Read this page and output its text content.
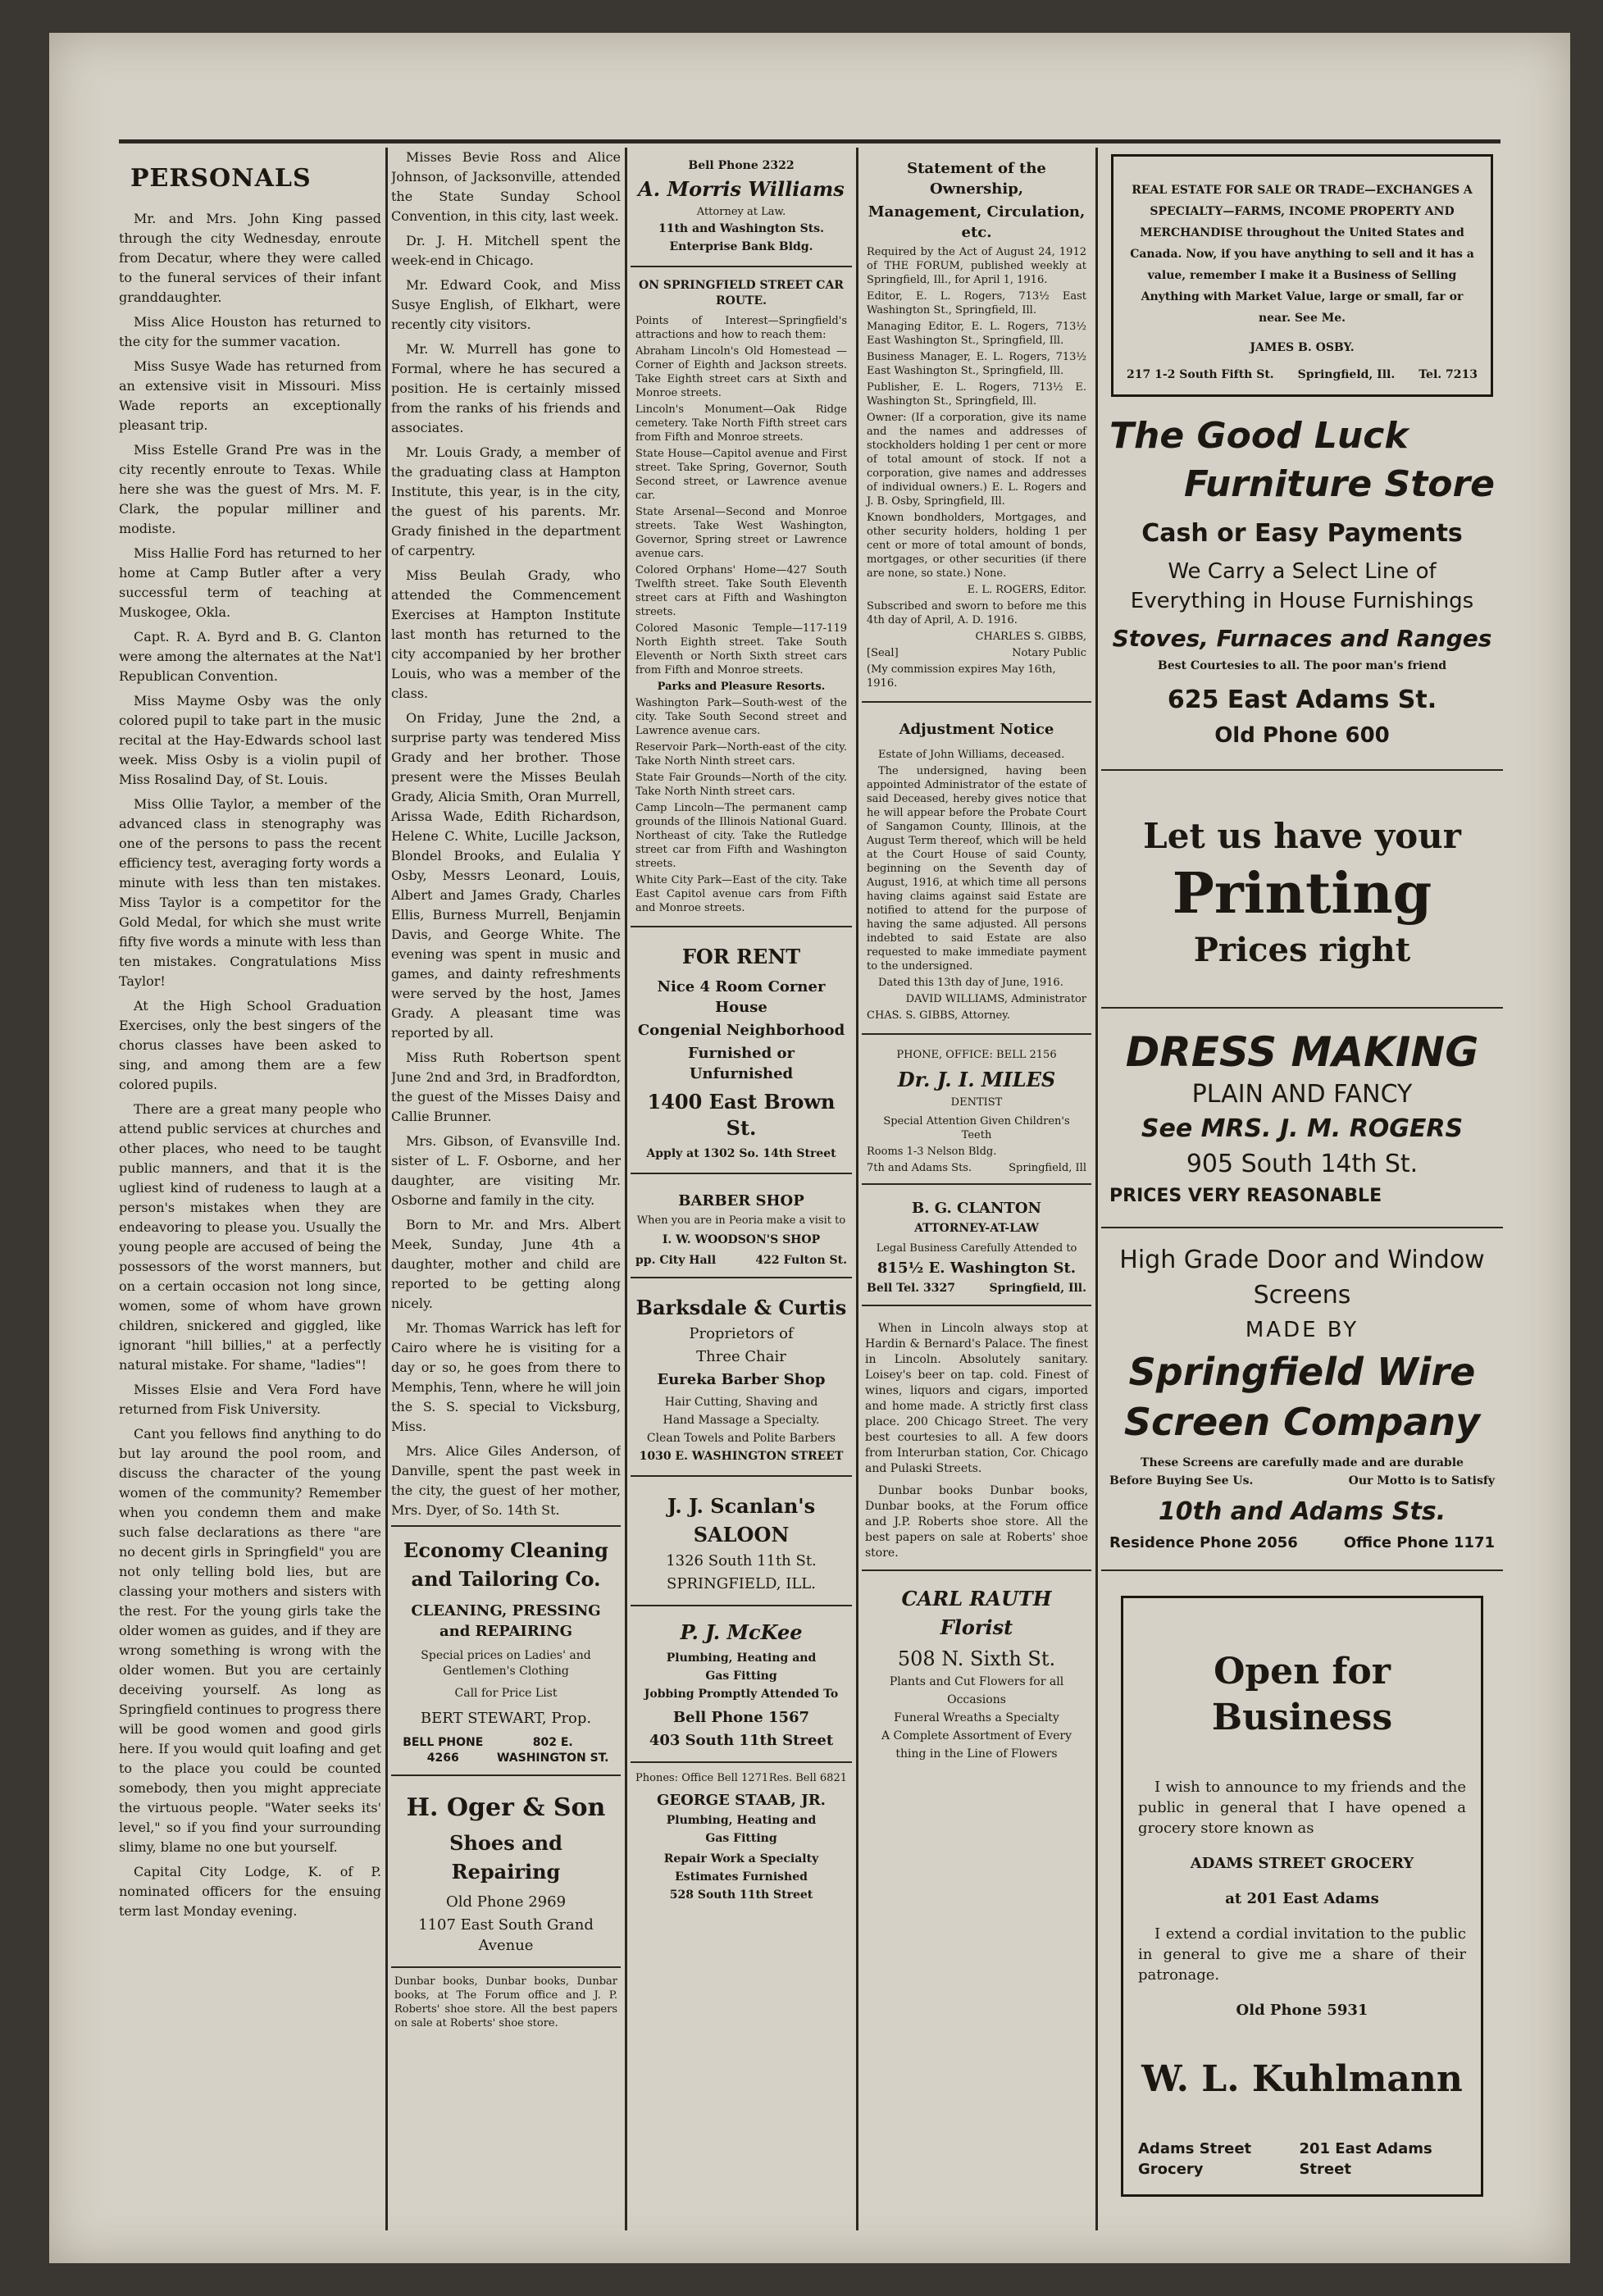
PERSONALS

Mr. and Mrs. John King passed through the city Wednesday, enroute from Decatur, where they were called to the funeral services of their infant granddaughter.

Miss Alice Houston has returned to the city for the summer vacation.

Miss Susye Wade has returned from an extensive visit in Missouri. Miss Wade reports an exceptionally pleasant trip.

Miss Estelle Grand Pre was in the city recently enroute to Texas. While here she was the guest of Mrs. M. F. Clark, the popular milliner and modiste.

Miss Hallie Ford has returned to her home at Camp Butler after a very successful term of teaching at Muskogee, Okla.

Capt. R. A. Byrd and B. G. Clanton were among the alternates at the Nat'l Republican Convention.

Miss Mayme Osby was the only colored pupil to take part in the music recital at the Hay-Edwards school last week. Miss Osby is a violin pupil of Miss Rosalind Day, of St. Louis.

Miss Ollie Taylor, a member of the advanced class in stenography was one of the persons to pass the recent efficiency test, averaging forty words a minute with less than ten mistakes. Miss Taylor is a competitor for the Gold Medal, for which she must write fifty five words a minute with less than ten mistakes. Congratulations Miss Taylor!

At the High School Graduation Exercises, only the best singers of the chorus classes have been asked to sing, and among them are a few colored pupils.

There are a great many people who attend public services at churches and other places, who need to be taught public manners, and that it is the ugliest kind of rudeness to laugh at a person's mistakes when they are endeavoring to please you. Usually the young people are accused of being the possessors of the worst manners, but on a certain occasion not long since, women, some of whom have grown children, snickered and giggled, like ignorant "hill billies," at a perfectly natural mistake. For shame, "ladies"!

Misses Elsie and Vera Ford have returned from Fisk University.

Cant you fellows find anything to do but lay around the pool room, and discuss the character of the young women of the community? Remember when you condemn them and make such false declarations as there "are no decent girls in Springfield" you are not only telling bold lies, but are classing your mothers and sisters with the rest. For the young girls take the older women as guides, and if they are wrong something is wrong with the older women. But you are certainly deceiving yourself. As long as Springfield continues to progress there will be good women and good girls here. If you would quit loafing and get to the place you could be counted somebody, then you might appreciate the virtuous people. "Water seeks its' level," so if you find your surrounding slimy, blame no one but yourself.

Capital City Lodge, K. of P. nominated officers for the ensuing term last Monday evening.

Misses Bevie Ross and Alice Johnson, of Jacksonville, attended the State Sunday School Convention, in this city, last week.

Dr. J. H. Mitchell spent the week-end in Chicago.

Mr. Edward Cook, and Miss Susye English, of Elkhart, were recently city visitors.

Mr. W. Murrell has gone to Formal, where he has secured a position. He is certainly missed from the ranks of his friends and associates.

Mr. Louis Grady, a member of the graduating class at Hampton Institute, this year, is in the city, the guest of his parents. Mr. Grady finished in the department of carpentry.

Miss Beulah Grady, who attended the Commencement Exercises at Hampton Institute last month has returned to the city accompanied by her brother Louis, who was a member of the class.

On Friday, June the 2nd, a surprise party was tendered Miss Grady and her brother. Those present were the Misses Beulah Grady, Alicia Smith, Oran Murrell, Arissa Wade, Edith Richardson, Helene C. White, Lucille Jackson, Blondel Brooks, and Eulalia Y Osby, Messrs Leonard, Louis, Albert and James Grady, Charles Ellis, Burness Murrell, Benjamin Davis, and George White. The evening was spent in music and games, and dainty refreshments were served by the host, James Grady. A pleasant time was reported by all.

Miss Ruth Robertson spent June 2nd and 3rd, in Bradfordton, the guest of the Misses Daisy and Callie Brunner.

Mrs. Gibson, of Evansville Ind. sister of L. F. Osborne, and her daughter, are visiting Mr. Osborne and family in the city.

Born to Mr. and Mrs. Albert Meek, Sunday, June 4th a daughter, mother and child are reported to be getting along nicely.

Mr. Thomas Warrick has left for Cairo where he is visiting for a day or so, he goes from there to Memphis, Tenn, where he will join the S. S. special to Vicksburg, Miss.

Mrs. Alice Giles Anderson, of Danville, spent the past week in the city, the guest of her mother, Mrs. Dyer, of So. 14th St.

Economy Cleaning

and Tailoring Co.

CLEANING, PRESSING and REPAIRING

Special prices on Ladies' and Gentlemen's Clothing

Call for Price List

BERT STEWART, Prop.

BELL PHONE 4266
802 E. WASHINGTON ST.

H. Oger & Son

Shoes and

Repairing

Old Phone 2969

1107 East South Grand Avenue

Dunbar books, Dunbar books, Dunbar books, at The Forum office and J. P. Roberts' shoe store. All the best papers on sale at Roberts' shoe store.

Bell Phone 2322

A. Morris Williams

Attorney at Law.

11th and Washington Sts.

Enterprise Bank Bldg.

ON SPRINGFIELD STREET CAR ROUTE.

Points of Interest—Springfield's attractions and how to reach them:

Abraham Lincoln's Old Homestead —Corner of Eighth and Jackson streets. Take Eighth street cars at Sixth and Monroe streets.

Lincoln's Monument—Oak Ridge cemetery. Take North Fifth street cars from Fifth and Monroe streets.

State House—Capitol avenue and First street. Take Spring, Governor, South Second street, or Lawrence avenue car.

State Arsenal—Second and Monroe streets. Take West Washington, Governor, Spring street or Lawrence avenue cars.

Colored Orphans' Home—427 South Twelfth street. Take South Eleventh street cars at Fifth and Washington streets.

Colored Masonic Temple—117-119 North Eighth street. Take South Eleventh or North Sixth street cars from Fifth and Monroe streets.

Parks and Pleasure Resorts.

Washington Park—South-west of the city. Take South Second street and Lawrence avenue cars.

Reservoir Park—North-east of the city. Take North Ninth street cars.

State Fair Grounds—North of the city. Take North Ninth street cars.

Camp Lincoln—The permanent camp grounds of the Illinois National Guard. Northeast of city. Take the Rutledge street car from Fifth and Washington streets.

White City Park—East of the city. Take East Capitol avenue cars from Fifth and Monroe streets.

FOR RENT

Nice 4 Room Corner House

Congenial Neighborhood

Furnished or Unfurnished

1400 East Brown St.

Apply at 1302 So. 14th Street

BARBER SHOP

When you are in Peoria make a visit to

I. W. WOODSON'S SHOP

pp. City Hall	422 Fulton St.

Barksdale & Curtis

Proprietors of

Three Chair

Eureka Barber Shop

Hair Cutting, Shaving and

Hand Massage a Specialty.

Clean Towels and Polite Barbers

1030 E. WASHINGTON STREET

J. J. Scanlan's

SALOON

1326 South 11th St.

SPRINGFIELD, ILL.

P. J. McKee

Plumbing, Heating and

Gas Fitting

Jobbing Promptly Attended To

Bell Phone 1567

403 South 11th Street

Phones: Office Bell 1271 Res. Bell 6821

GEORGE STAAB, JR.

Plumbing, Heating and

Gas Fitting

Repair Work a Specialty

Estimates Furnished

528 South 11th Street

Statement of the Ownership,

Management, Circulation, etc.

Required by the Act of August 24, 1912 of THE FORUM, published weekly at Springfield, Ill., for April 1, 1916.

Editor, E. L. Rogers, 713½ East Washington St., Springfield, Ill.

Managing Editor, E. L. Rogers, 713½ East Washington St., Springfield, Ill.

Business Manager, E. L. Rogers, 713½ East Washington St., Springfield, Ill.

Publisher, E. L. Rogers, 713½ E. Washington St., Springfield, Ill.

Owner: (If a corporation, give its name and the names and addresses of stockholders holding 1 per cent or more of total amount of stock. If not a corporation, give names and addresses of individual owners.) E. L. Rogers and J. B. Osby, Springfield, Ill.

Known bondholders, Mortgages, and other security holders, holding 1 per cent or more of total amount of bonds, mortgages, or other securities (if there are none, so state.) None.

E. L. ROGERS, Editor.

Subscribed and sworn to before me this 4th day of April, A. D. 1916.

CHARLES S. GIBBS,

[Seal]	Notary Public

(My commission expires May 16th, 1916.

Adjustment Notice

Estate of John Williams, deceased.

The undersigned, having been appointed Administrator of the estate of said Deceased, hereby gives notice that he will appear before the Probate Court of Sangamon County, Illinois, at the August Term thereof, which will be held at the Court House of said County, beginning on the Seventh day of August, 1916, at which time all persons having claims against said Estate are notified to attend for the purpose of having the same adjusted. All persons indebted to said Estate are also requested to make immediate payment to the undersigned.

Dated this 13th day of June, 1916.

DAVID WILLIAMS, Administrator

CHAS. S. GIBBS, Attorney.

PHONE, OFFICE: BELL 2156

Dr. J. I. MILES

DENTIST

Special Attention Given Children's Teeth

Rooms 1-3 Nelson Bldg.

7th and Adams Sts.	Springfield, Ill

B. G. CLANTON

ATTORNEY-AT-LAW

Legal Business Carefully Attended to

815½ E. Washington St.

Bell Tel. 3327	Springfield, Ill.

When in Lincoln always stop at Hardin & Bernard's Palace. The finest in Lincoln. Absolutely sanitary. Loisey's beer on tap. cold. Finest of wines, liquors and cigars, imported and home made. A strictly first class place. 200 Chicago Street. The very best courtesies to all. A few doors from Interurban station, Cor. Chicago and Pulaski Streets.

Dunbar books Dunbar books, Dunbar books, at the Forum office and J.P. Roberts shoe store. All the best papers on sale at Roberts' shoe store.

CARL RAUTH

Florist

508 N. Sixth St.

Plants and Cut Flowers for all

Occasions

Funeral Wreaths a Specialty

A Complete Assortment of Every

thing in the Line of Flowers

REAL ESTATE FOR SALE OR TRADE—EXCHANGES A SPECIALTY—FARMS, INCOME PROPERTY AND MERCHANDISE throughout the United States and Canada. Now, if you have anything to sell and it has a value, remember I make it a Business of Selling Anything with Market Value, large or small, far or near. See Me.

JAMES B. OSBY.

217 1-2 South Fifth St. Springfield, Ill. Tel. 7213

The Good Luck

Furniture Store

Cash or Easy Payments

We Carry a Select Line of Everything in House Furnishings

Stoves, Furnaces and Ranges

Best Courtesies to all. The poor man's friend

625 East Adams St.

Old Phone 600

Let us have your

Printing

Prices right

DRESS MAKING

PLAIN AND FANCY

See MRS. J. M. ROGERS

905 South 14th St.

PRICES VERY REASONABLE

High Grade Door and Window

Screens

MADE BY

Springfield Wire

Screen Company

These Screens are carefully made and are durable

Before Buying See Us.	Our Motto is to Satisfy

10th and Adams Sts.

Residence Phone 2056	Office Phone 1171

Open for Business

I wish to announce to my friends and the public in general that I have opened a grocery store known as

ADAMS STREET GROCERY

at 201 East Adams

I extend a cordial invitation to the public in general to give me a share of their patronage.

Old Phone 5931

W. L. Kuhlmann

Adams Street Grocery
201 East Adams Street
